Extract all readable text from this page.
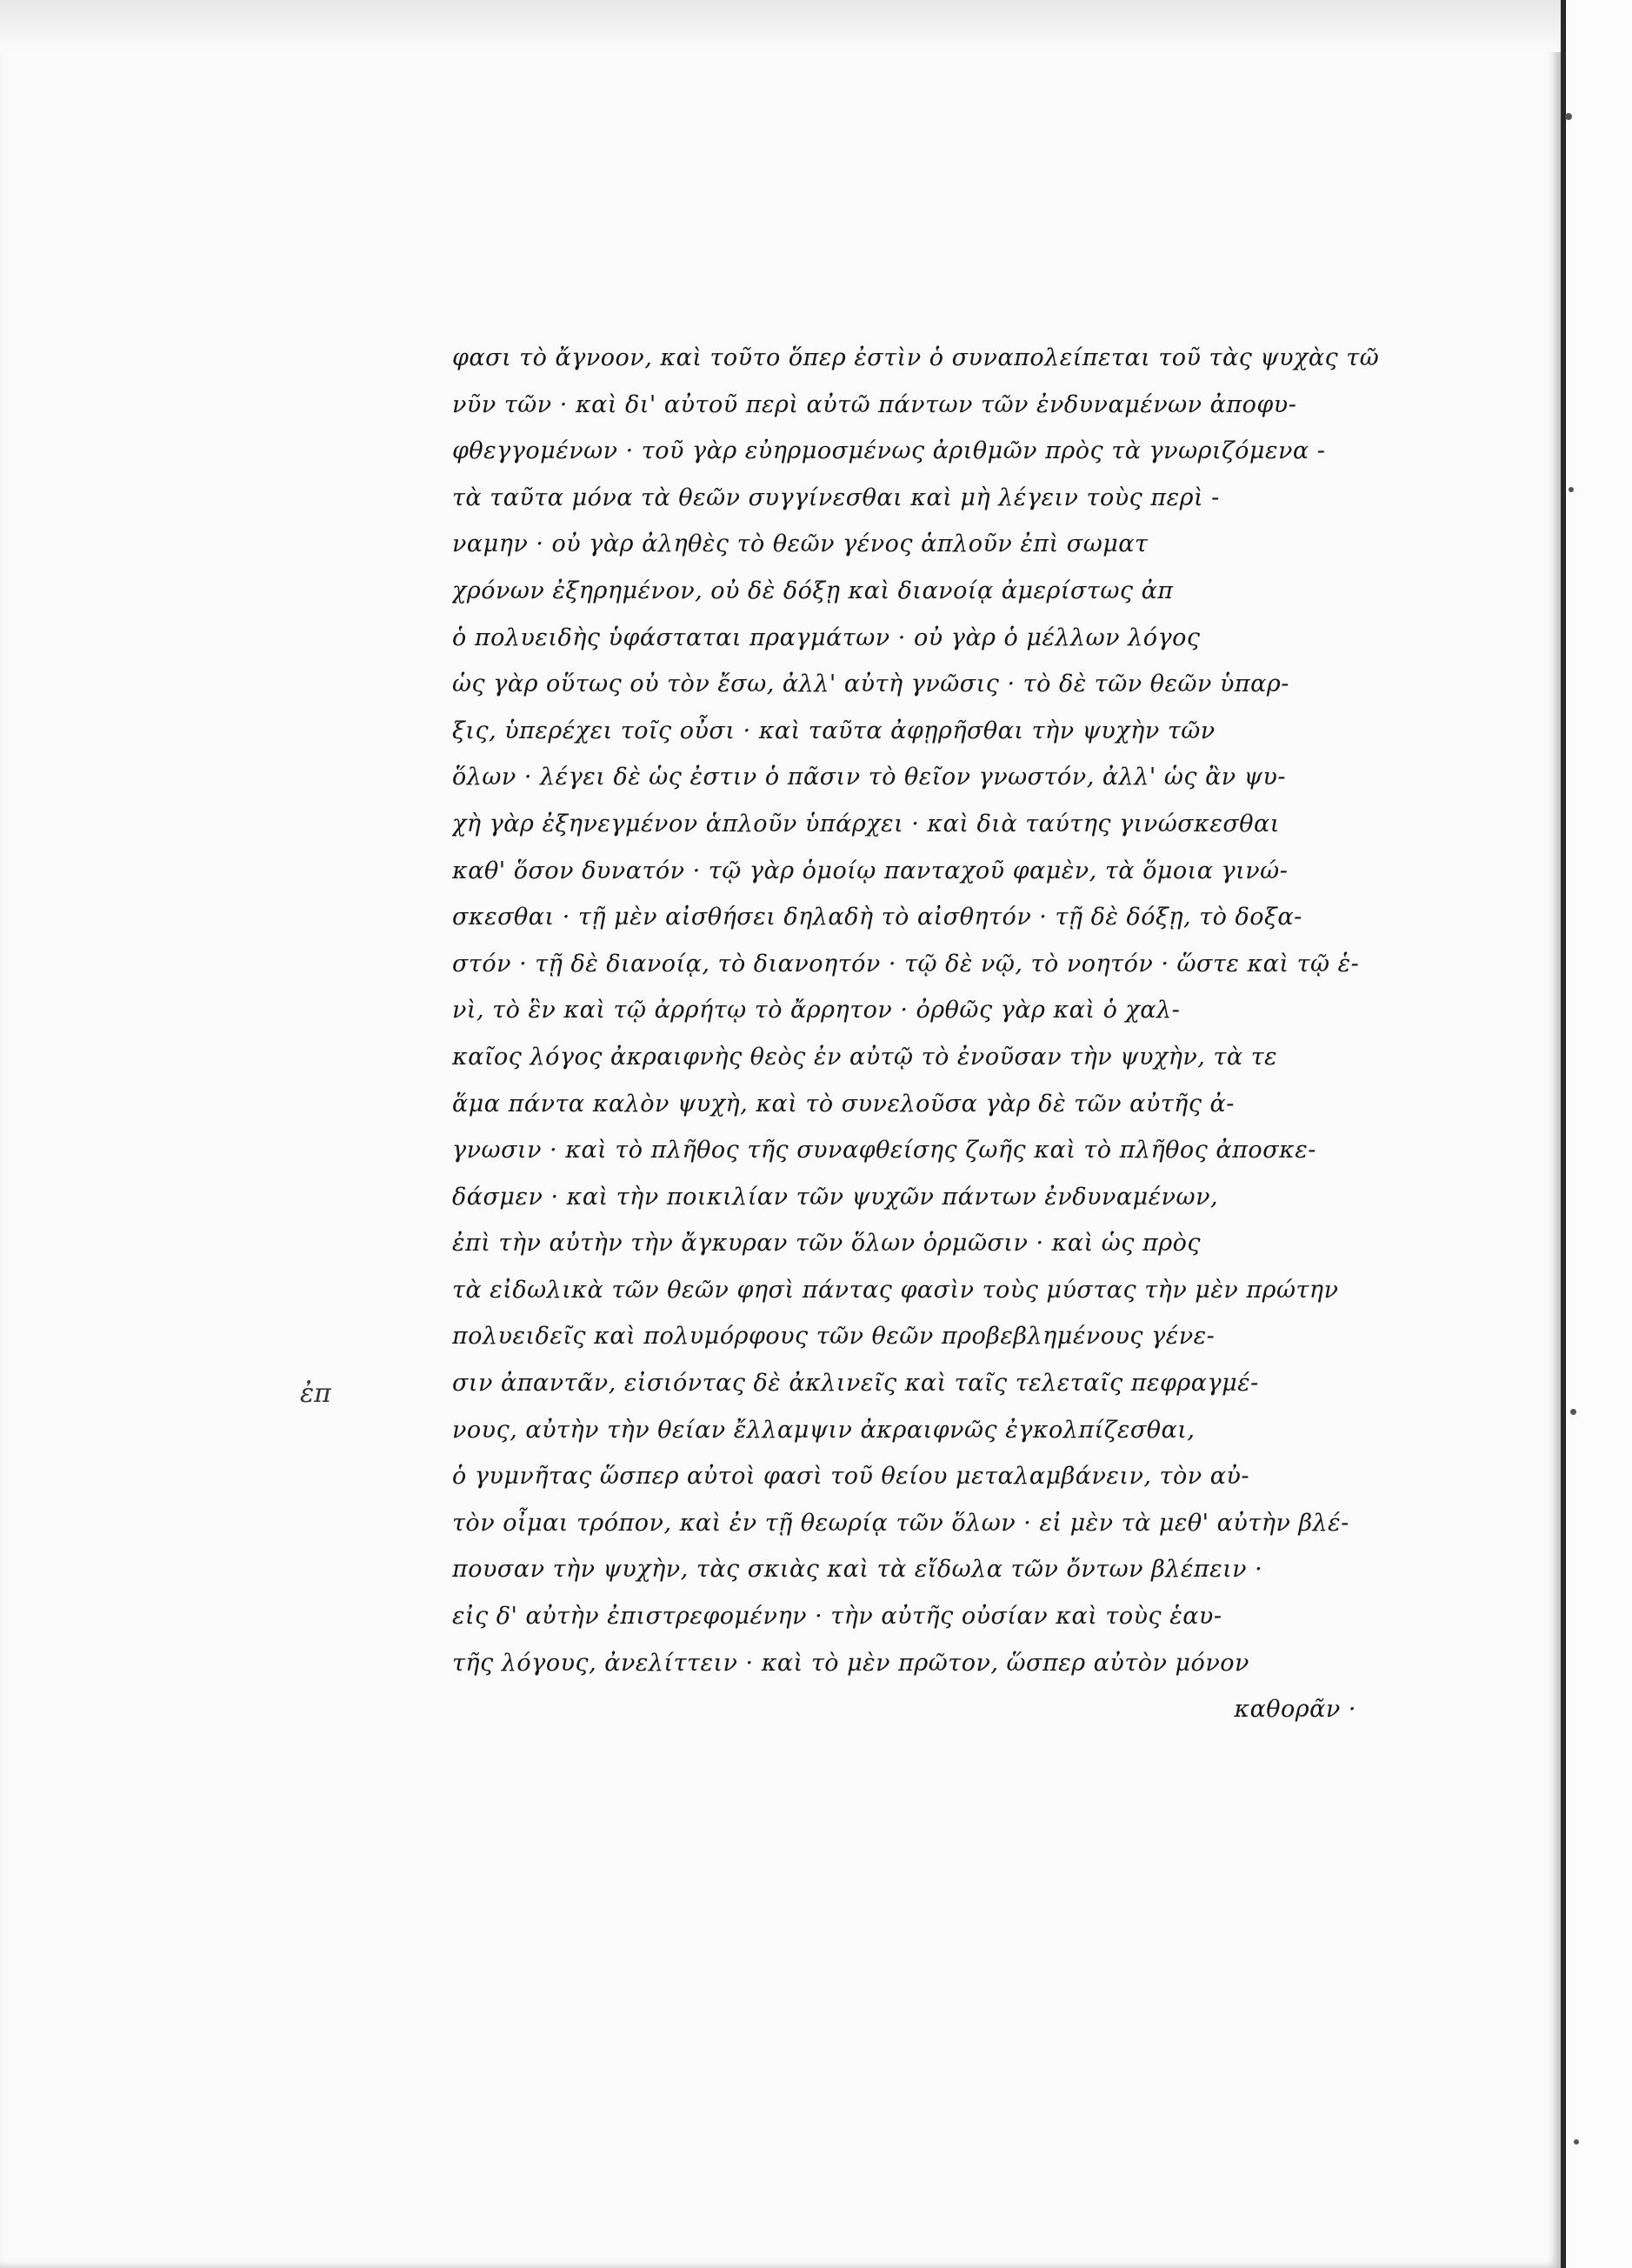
ἐπ
φασι τὸ ἄγνοον, καὶ τοῦτο ὅπερ ἐστὶν ὁ συναπολείπεται τοῦ τὰς ψυχὰς τῶ
νῦν τῶν · καὶ δι' αὐτοῦ περὶ αὐτῶ πάντων τῶν ἐνδυναμένων ἀποφυ-
φθεγγομένων · τοῦ γὰρ εὐηρμοσμένως ἀριθμῶν πρὸς τὰ γνωριζόμενα -
τὰ ταῦτα μόνα τὰ θεῶν συγγίνεσθαι καὶ μὴ λέγειν τοὺς περὶ -
ναμην · οὐ γὰρ ἀληθὲς τὸ θεῶν γένος ἁπλοῦν ἐπὶ σωματ
χρόνων ἐξηρημένον, οὐ δὲ δόξῃ καὶ διανοίᾳ ἀμερίστως ἀπ
ὁ πολυειδὴς ὑφάσταται πραγμάτων · οὐ γὰρ ὁ μέλλων λόγος
ὡς γὰρ οὕτως οὐ τὸν ἔσω, ἀλλ' αὐτὴ γνῶσις · τὸ δὲ τῶν θεῶν ὑπαρ-
ξις, ὑπερέχει τοῖς οὖσι · καὶ ταῦτα ἀφῃρῆσθαι τὴν ψυχὴν τῶν
ὅλων · λέγει δὲ ὡς ἐστιν ὁ πᾶσιν τὸ θεῖον γνωστόν, ἀλλ' ὡς ἂν ψυ-
χὴ γὰρ ἐξηνεγμένον ἁπλοῦν ὑπάρχει · καὶ διὰ ταύτης γινώσκεσθαι
καθ' ὅσον δυνατόν · τῷ γὰρ ὁμοίῳ πανταχοῦ φαμὲν, τὰ ὅμοια γινώ-
σκεσθαι · τῇ μὲν αἰσθήσει δηλαδὴ τὸ αἰσθητόν · τῇ δὲ δόξῃ, τὸ δοξα-
στόν · τῇ δὲ διανοίᾳ, τὸ διανοητόν · τῷ δὲ νῷ, τὸ νοητόν · ὥστε καὶ τῷ ἑ-
νὶ, τὸ ἓν καὶ τῷ ἀρρήτῳ τὸ ἄρρητον · ὀρθῶς γὰρ καὶ ὁ χαλ-
καῖος λόγος ἀκραιφνὴς θεὸς ἐν αὐτῷ τὸ ἐνοῦσαν τὴν ψυχὴν, τὰ τε
ἅμα πάντα καλὸν ψυχὴ, καὶ τὸ συνελοῦσα γὰρ δὲ τῶν αὐτῆς ἀ-
γνωσιν · καὶ τὸ πλῆθος τῆς συναφθείσης ζωῆς καὶ τὸ πλῆθος ἀποσκε-
δάσμεν · καὶ τὴν ποικιλίαν τῶν ψυχῶν πάντων ἐνδυναμένων,
ἐπὶ τὴν αὐτὴν τὴν ἄγκυραν τῶν ὅλων ὁρμῶσιν · καὶ ὡς πρὸς
τὰ εἰδωλικὰ τῶν θεῶν φησὶ πάντας φασὶν τοὺς μύστας τὴν μὲν πρώτην
πολυειδεῖς καὶ πολυμόρφους τῶν θεῶν προβεβλημένους γένε-
σιν ἀπαντᾶν, εἰσιόντας δὲ ἀκλινεῖς καὶ ταῖς τελεταῖς πεφραγμέ-
νους, αὐτὴν τὴν θείαν ἔλλαμψιν ἀκραιφνῶς ἐγκολπίζεσθαι,
ὁ γυμνῆτας ὥσπερ αὐτοὶ φασὶ τοῦ θείου μεταλαμβάνειν, τὸν αὐ-
τὸν οἶμαι τρόπον, καὶ ἐν τῇ θεωρίᾳ τῶν ὅλων · εἰ μὲν τὰ μεθ' αὐτὴν βλέ-
πουσαν τὴν ψυχὴν, τὰς σκιὰς καὶ τὰ εἴδωλα τῶν ὄντων βλέπειν ·
εἰς δ' αὐτὴν ἐπιστρεφομένην · τὴν αὐτῆς οὐσίαν καὶ τοὺς ἑαυ-
τῆς λόγους, ἀνελίττειν · καὶ τὸ μὲν πρῶτον, ὥσπερ αὐτὸν μόνον
καθορᾶν ·
